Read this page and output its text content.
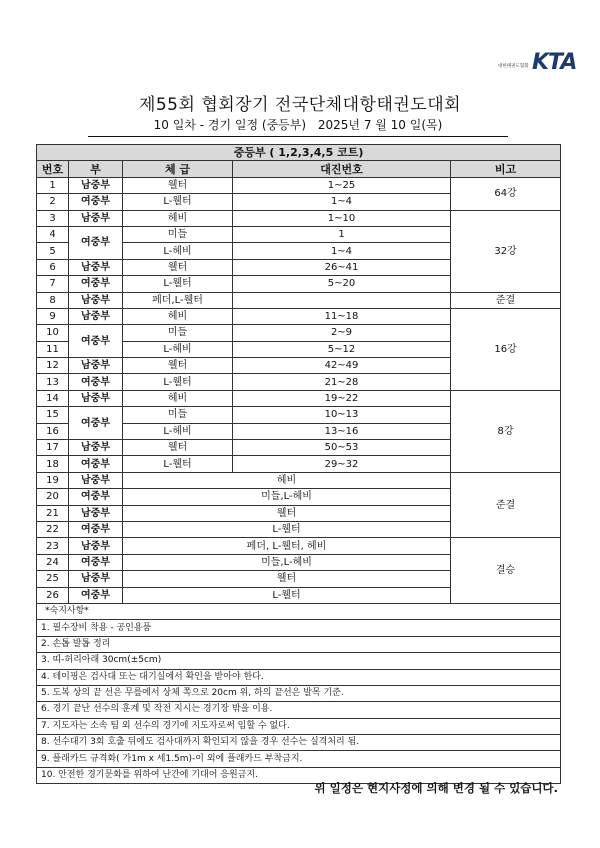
대한태권도협회 KTA
제55회 협회장기 전국단체대항태권도대회
10 일차 - 경기 일정 (중등부) 2025년 7 월 10 일(목)
중등부 ( 1,2,3,4,5 코트)				
번호	부	체 급	대진번호	비고
1	남중부	웰터	1~25	64강
2	여중부	L-웰터	1~4	
3	남중부	헤비	1~10	32강
4	여중부	미들	1	
5		L-헤비	1~4	
6	남중부	웰터	26~41	
7	여중부	L-웰터	5~20	
8	남중부	페더,L-웰터		준결
9	남중부	헤비	11~18	16강
10	여중부	미들	2~9	
11		L-헤비	5~12	
12	남중부	웰터	42~49	
13	여중부	L-웰터	21~28	
14	남중부	헤비	19~22	8강
15	여중부	미들	10~13	
16		L-헤비	13~16	
17	남중부	웰터	50~53	
18	여중부	L-웰터	29~32	
19	남중부	헤비		준결
20	여중부	미들,L-헤비		
21	남중부	웰터		
22	여중부	L-웰터		
23	남중부	페더, L-웰터, 헤비		결승
24	여중부	미들,L-헤비		
25	남중부	웰터		
26	여중부	L-웰터		
*숙지사항*				
1. 필수장비 착용 - 공인용품				
2. 손톱 발톱 정리				
3. 띠-허리아래 30cm(±5cm)				
4. 테이핑은 검사대 또는 대기실에서 확인을 받아야 한다.				
5. 도복 상의 끝 선은 무릎에서 상체 쪽으로 20cm 위, 하의 끝선은 발목 기준.				
6. 경기 끝난 선수의 훈계 및 작전 지시는 경기장 밖을 이용.				
7. 지도자는 소속 팀 외 선수의 경기에 지도자로써 임할 수 없다.				
8. 선수대기 3회 호출 뒤에도 검사대까지 확인되지 않을 경우 선수는 실격처리 됨.				
9. 플래카드 규격화( 가1m x 세1.5m)-이 외에 플래카드 부착금지.				
10. 안전한 경기문화를 위하여 난간에 기대어 응원금지.				
위 일정은 현지사정에 의해 변경 될 수 있습니다.
